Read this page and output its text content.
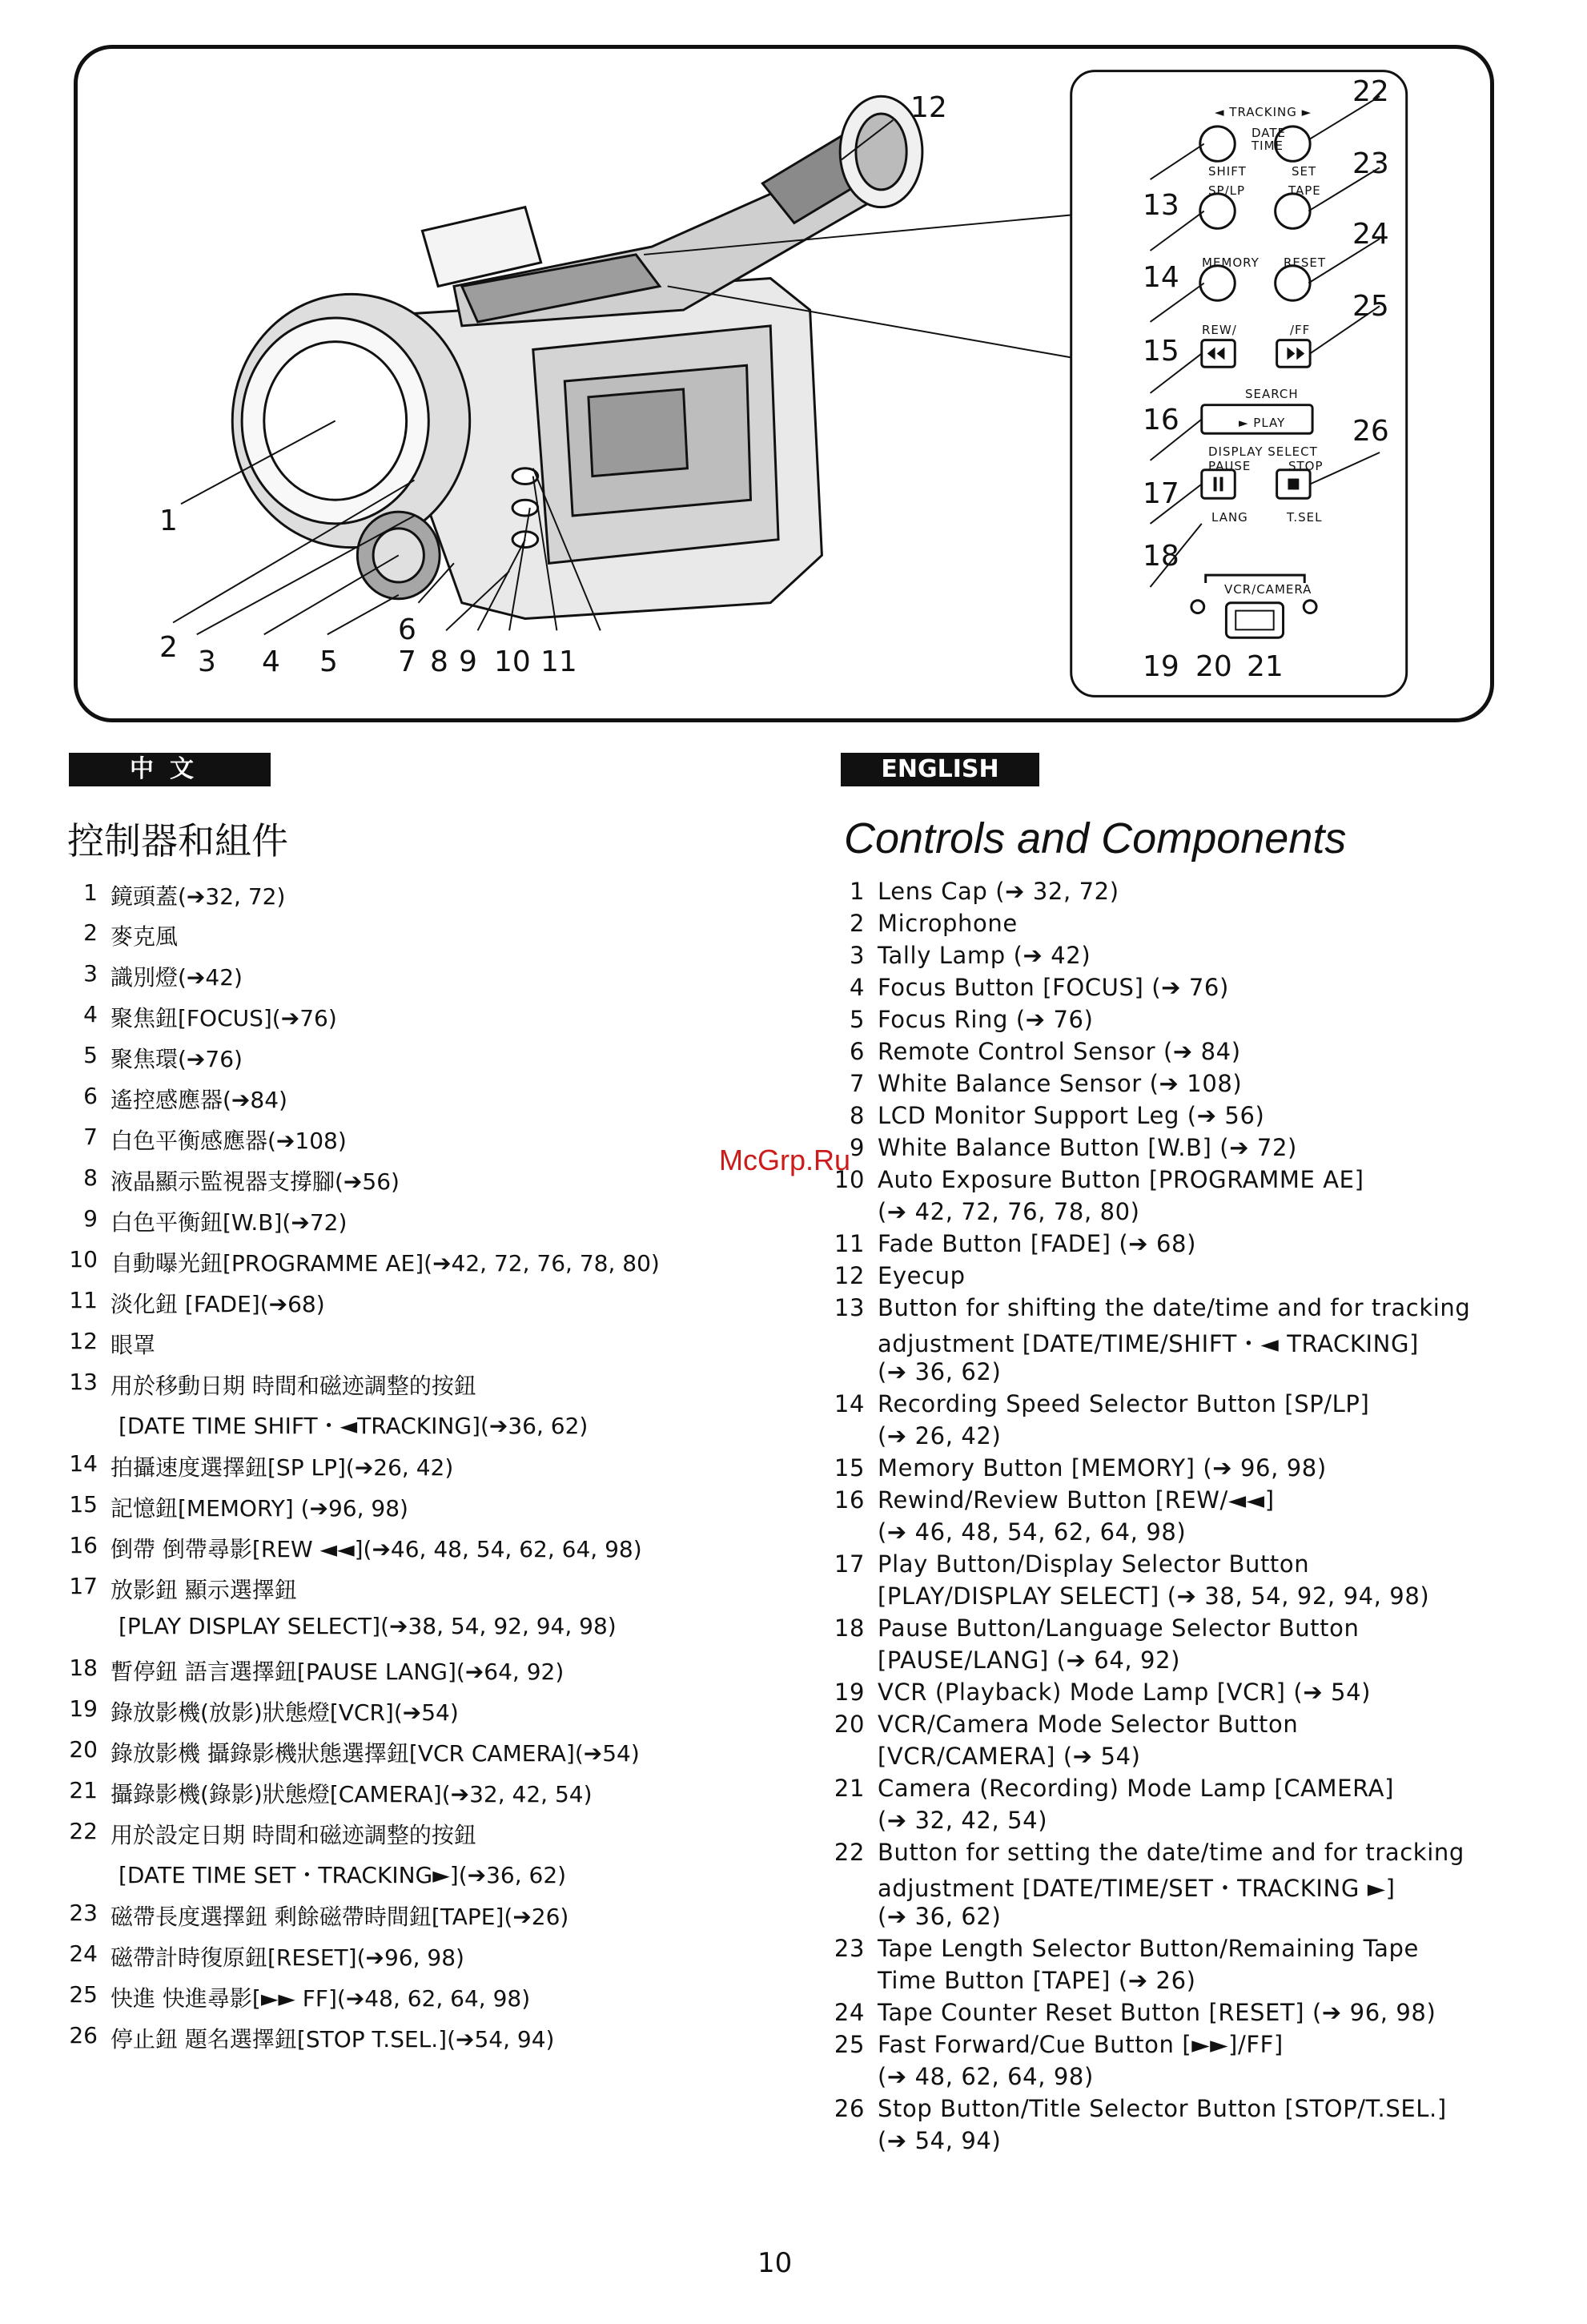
1
2 3 4 5
6
7 8 9 10 11
12
13
14
15
16
17
18
19 20 21
22
23
24
25
26
◄ TRACKING ►
DATE
TIME
SHIFT	SET
SP/LP	TAPE
MEMORY RESET
REW/	/FF
SEARCH
► PLAY
DISPLAY SELECT
PAUSE	STOP
LANG	T.SEL
VCR/CAMERA
中文	ENGLISH
控制器和組件	Controls and Components
1 鏡頭蓋(➔32, 72)
2 麥克風
3 識別燈(➔42)
4 聚焦鈕[FOCUS](➔76)
5 聚焦環(➔76)
6 遙控感應器(➔84)
7 白色平衡感應器(➔108)
8 液晶顯示監視器支撐腳(➔56)
9 白色平衡鈕[W.B](➔72)
10 自動曝光鈕[PROGRAMME AE](➔42, 72, 76, 78, 80)
11 淡化鈕 [FADE](➔68)
12 眼罩
13 用於移動日期 時間和磁迹調整的按鈕
[DATE TIME SHIFT・◄TRACKING](➔36, 62)
14 拍攝速度選擇鈕[SP LP](➔26, 42)
15 記憶鈕[MEMORY] (➔96, 98)
16 倒帶 倒帶尋影[REW ◄◄](➔46, 48, 54, 62, 64, 98)
17 放影鈕 顯示選擇鈕
[PLAY DISPLAY SELECT](➔38, 54, 92, 94, 98)
18 暫停鈕 語言選擇鈕[PAUSE LANG](➔64, 92)
19 錄放影機(放影)狀態燈[VCR](➔54)
20 錄放影機 攝錄影機狀態選擇鈕[VCR CAMERA](➔54)
21 攝錄影機(錄影)狀態燈[CAMERA](➔32, 42, 54)
22 用於設定日期 時間和磁迹調整的按鈕
[DATE TIME SET・TRACKING►](➔36, 62)
23 磁帶長度選擇鈕 剩餘磁帶時間鈕[TAPE](➔26)
24 磁帶計時復原鈕[RESET](➔96, 98)
25 快進 快進尋影[►► FF](➔48, 62, 64, 98)
26 停止鈕 題名選擇鈕[STOP T.SEL.](➔54, 94)
1 Lens Cap (➔ 32, 72)
2 Microphone
3 Tally Lamp (➔ 42)
4 Focus Button [FOCUS] (➔ 76)
5 Focus Ring (➔ 76)
6 Remote Control Sensor (➔ 84)
7 White Balance Sensor (➔ 108)
8 LCD Monitor Support Leg (➔ 56)
9 White Balance Button [W.B] (➔ 72)
10 Auto Exposure Button [PROGRAMME AE]
(➔ 42, 72, 76, 78, 80)
11 Fade Button [FADE] (➔ 68)
12 Eyecup
13 Button for shifting the date/time and for tracking
adjustment [DATE/TIME/SHIFT・◄ TRACKING]
(➔ 36, 62)
14 Recording Speed Selector Button [SP/LP]
(➔ 26, 42)
15 Memory Button [MEMORY] (➔ 96, 98)
16 Rewind/Review Button [REW/◄◄]
(➔ 46, 48, 54, 62, 64, 98)
17 Play Button/Display Selector Button
[PLAY/DISPLAY SELECT] (➔ 38, 54, 92, 94, 98)
18 Pause Button/Language Selector Button
[PAUSE/LANG] (➔ 64, 92)
19 VCR (Playback) Mode Lamp [VCR] (➔ 54)
20 VCR/Camera Mode Selector Button
[VCR/CAMERA] (➔ 54)
21 Camera (Recording) Mode Lamp [CAMERA]
(➔ 32, 42, 54)
22 Button for setting the date/time and for tracking
adjustment [DATE/TIME/SET・TRACKING ►]
(➔ 36, 62)
23 Tape Length Selector Button/Remaining Tape
Time Button [TAPE] (➔ 26)
24 Tape Counter Reset Button [RESET] (➔ 96, 98)
25 Fast Forward/Cue Button [►►]/FF]
(➔ 48, 62, 64, 98)
26 Stop Button/Title Selector Button [STOP/T.SEL.]
(➔ 54, 94)
McGrp.Ru
10
